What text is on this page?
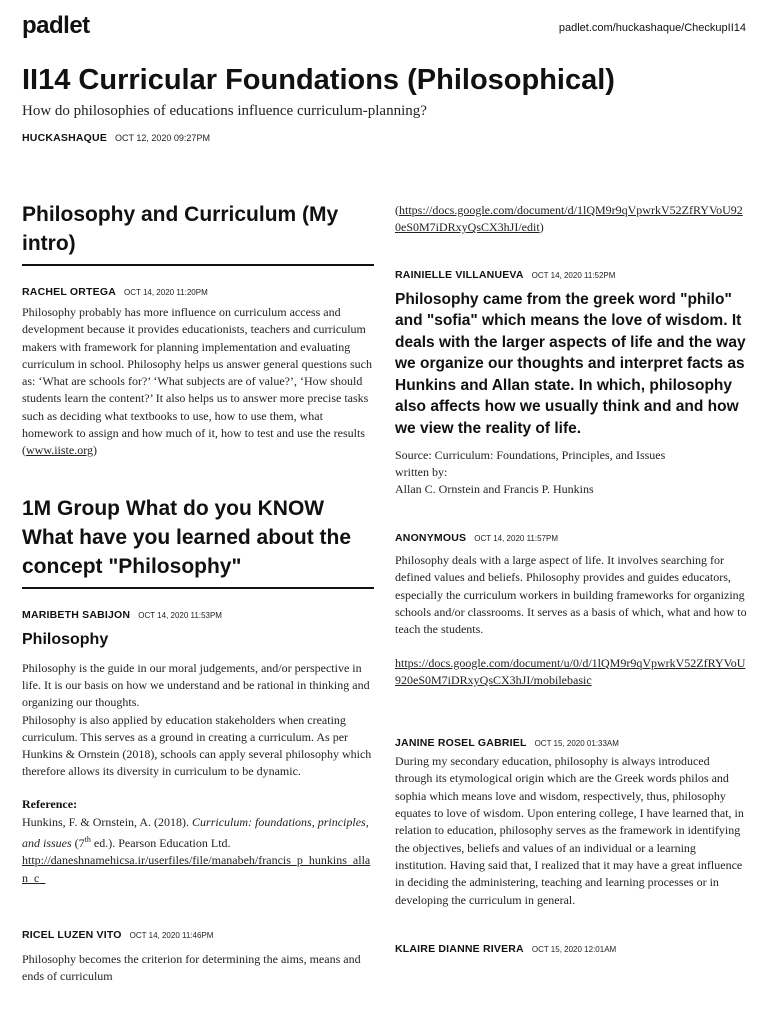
padlet	padlet.com/huckashaque/CheckupII14
II14 Curricular Foundations (Philosophical)
How do philosophies of educations influence curriculum-planning?
HUCKASHAQUE OCT 12, 2020 09:27PM
Philosophy and Curriculum (My intro)
RACHEL ORTEGA OCT 14, 2020 11:20PM

Philosophy probably has more influence on curriculum access and development because it provides educationists, teachers and curriculum makers with framework for planning implementation and evaluating curriculum in school. Philosophy helps us answer general questions such as: ‘What are schools for?’ ‘What subjects are of value?’, ‘How should students learn the content?’ It also helps us to answer more precise tasks such as deciding what textbooks to use, how to use them, what homework to assign and how much of it, how to test and use the results (www.iiste.org)

1M Group What do you KNOW What have you learned about the concept "Philosophy"
MARIBETH SABIJON OCT 14, 2020 11:53PM
Philosophy

Philosophy is the guide in our moral judgements, and/or perspective in life. It is our basis on how we understand and be rational in thinking and organizing our thoughts.
Philosophy is also applied by education stakeholders when creating curriculum. This serves as a ground in creating a curriculum. As per Hunkins & Ornstein (2018), schools can apply several philosophy which therefore allows its diversity in curriculum to be dynamic.

Reference:

Hunkins, F. & Ornstein, A. (2018). Curriculum: foundations, principles, and issues (7th ed.). Pearson Education Ltd.
http://daneshnamehicsa.ir/userfiles/file/manabeh/francis_p_hunkins_allan_c_

RICEL LUZEN VITO OCT 14, 2020 11:46PM

Philosophy becomes the criterion for determining the aims, means and ends of curriculum

(https://docs.google.com/document/d/1lQM9r9qVpwrkV52ZfRYVoU920eS0M7iDRxyQsCX3hJI/edit)

RAINIELLE VILLANUEVA OCT 14, 2020 11:52PM
Philosophy came from the greek word "philo" and "sofia" which means the love of wisdom. It deals with the larger aspects of life and the way we organize our thoughts and interpret facts as Hunkins and Allan state. In which, philosophy also affects how we usually think and and how we view the reality of life.
Source: Curriculum: Foundations, Principles, and Issues
written by:
Allan C. Ornstein and Francis P. Hunkins
ANONYMOUS OCT 14, 2020 11:57PM

Philosophy deals with a large aspect of life. It involves searching for defined values and beliefs. Philosophy provides and guides educators, especially the curriculum workers in building frameworks for organizing schools and/or classrooms. It serves as a basis of which, what and how to teach the students.

https://docs.google.com/document/u/0/d/1lQM9r9qVpwrkV52ZfRYVoU920eS0M7iDRxyQsCX3hJI/mobilebasic

JANINE ROSEL GABRIEL OCT 15, 2020 01:33AM

During my secondary education, philosophy is always introduced through its etymological origin which are the Greek words philos and sophia which means love and wisdom, respectively, thus, philosophy equates to love of wisdom. Upon entering college, I have learned that, in relation to education, philosophy serves as the framework in identifying the objectives, beliefs and values of an individual or a learning institution. Having said that, I realized that it may have a great influence in deciding the administering, teaching and learning processes or in developing the curriculum in general.

KLAIRE DIANNE RIVERA OCT 15, 2020 12:01AM
